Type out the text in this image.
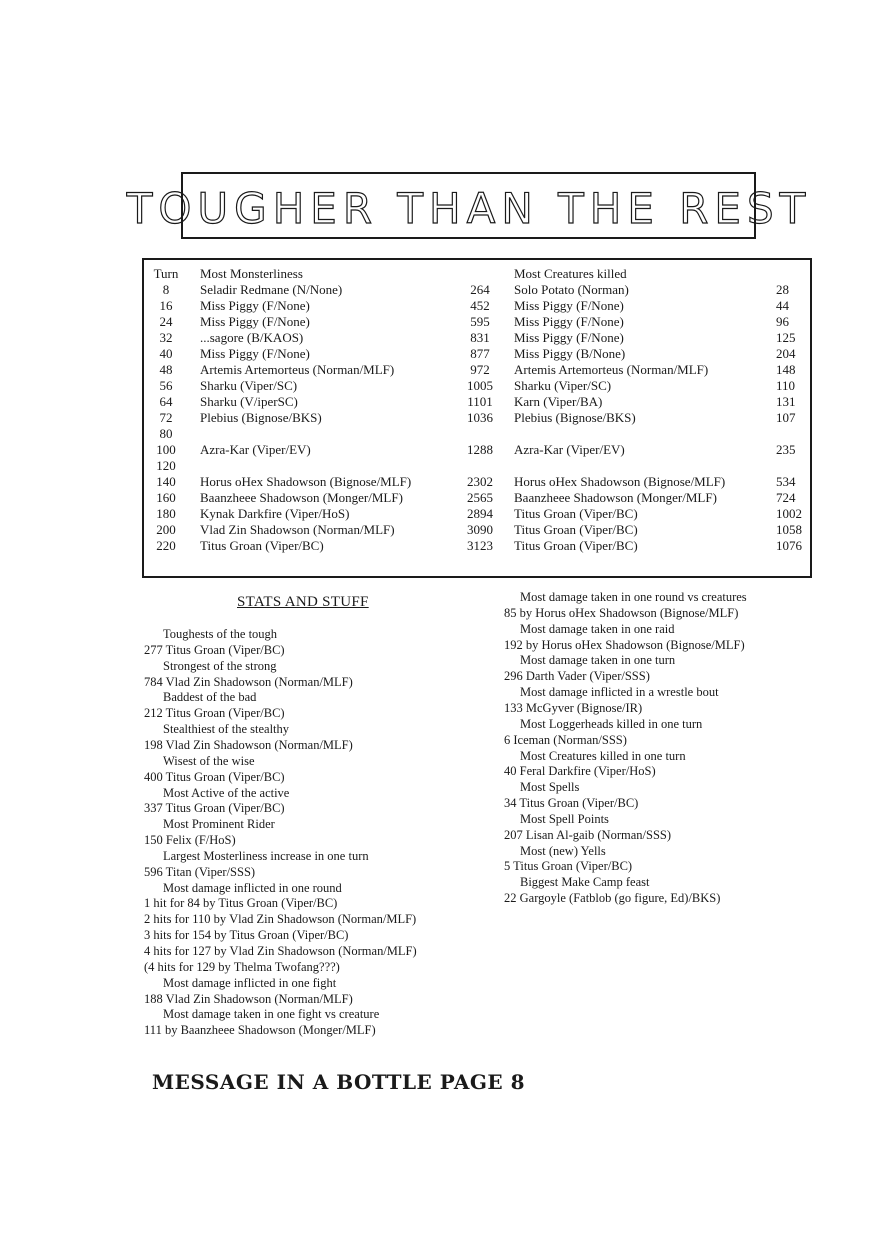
TOUGHER THAN THE REST
Turn	Most Monsterliness	Most Creatures killed
8	Seladir Redmane (N/None)	264	Solo Potato (Norman)	28
16	Miss Piggy (F/None)	452	Miss Piggy (F/None)	44
24	Miss Piggy (F/None)	595	Miss Piggy (F/None)	96
32	...sagore (B/KAOS)	831	Miss Piggy (F/None)	125
40	Miss Piggy (F/None)	877	Miss Piggy (B/None)	204
48	Artemis Artemorteus (Norman/MLF)	972	Artemis Artemorteus (Norman/MLF)	148
56	Sharku (Viper/SC)	1005	Sharku (Viper/SC)	110
64	Sharku (V/iperSC)	1101	Karn (Viper/BA)	131
72	Plebius (Bignose/BKS)	1036	Plebius (Bignose/BKS)	107
80
100	Azra-Kar (Viper/EV)	1288	Azra-Kar (Viper/EV)	235
120
140	Horus oHex Shadowson (Bignose/MLF)	2302	Horus oHex Shadowson (Bignose/MLF)	534
160	Baanzheee Shadowson (Monger/MLF)	2565	Baanzheee Shadowson (Monger/MLF)	724
180	Kynak Darkfire (Viper/HoS)	2894	Titus Groan (Viper/BC)	1002
200	Vlad Zin Shadowson (Norman/MLF)	3090	Titus Groan (Viper/BC)	1058
220	Titus Groan (Viper/BC)	3123	Titus Groan (Viper/BC)	1076
STATS AND STUFF
Toughests of the tough
277 Titus Groan (Viper/BC)
Strongest of the strong
784 Vlad Zin Shadowson (Norman/MLF)
Baddest of the bad
212 Titus Groan (Viper/BC)
Stealthiest of the stealthy
198 Vlad Zin Shadowson (Norman/MLF)
Wisest of the wise
400 Titus Groan (Viper/BC)
Most Active of the active
337 Titus Groan (Viper/BC)
Most Prominent Rider
150 Felix (F/HoS)
Largest Mosterliness increase in one turn
596 Titan (Viper/SSS)
Most damage inflicted in one round
1 hit for 84 by Titus Groan (Viper/BC)
2 hits for 110 by Vlad Zin Shadowson (Norman/MLF)
3 hits for 154 by Titus Groan (Viper/BC)
4 hits for 127 by Vlad Zin Shadowson (Norman/MLF)
(4 hits for 129 by Thelma Twofang???)
Most damage inflicted in one fight
188 Vlad Zin Shadowson (Norman/MLF)
Most damage taken in one fight vs creature
111 by Baanzheee Shadowson (Monger/MLF)
Most damage taken in one round vs creatures
85 by Horus oHex Shadowson (Bignose/MLF)
Most damage taken in one raid
192 by Horus oHex Shadowson (Bignose/MLF)
Most damage taken in one turn
296 Darth Vader (Viper/SSS)
Most damage inflicted in a wrestle bout
133 McGyver (Bignose/IR)
Most Loggerheads killed in one turn
6 Iceman (Norman/SSS)
Most Creatures killed in one turn
40 Feral Darkfire (Viper/HoS)
Most Spells
34 Titus Groan (Viper/BC)
Most Spell Points
207 Lisan Al-gaib (Norman/SSS)
Most (new) Yells
5 Titus Groan (Viper/BC)
Biggest Make Camp feast
22 Gargoyle (Fatblob (go figure, Ed)/BKS)
MESSAGE IN A BOTTLE PAGE 8
